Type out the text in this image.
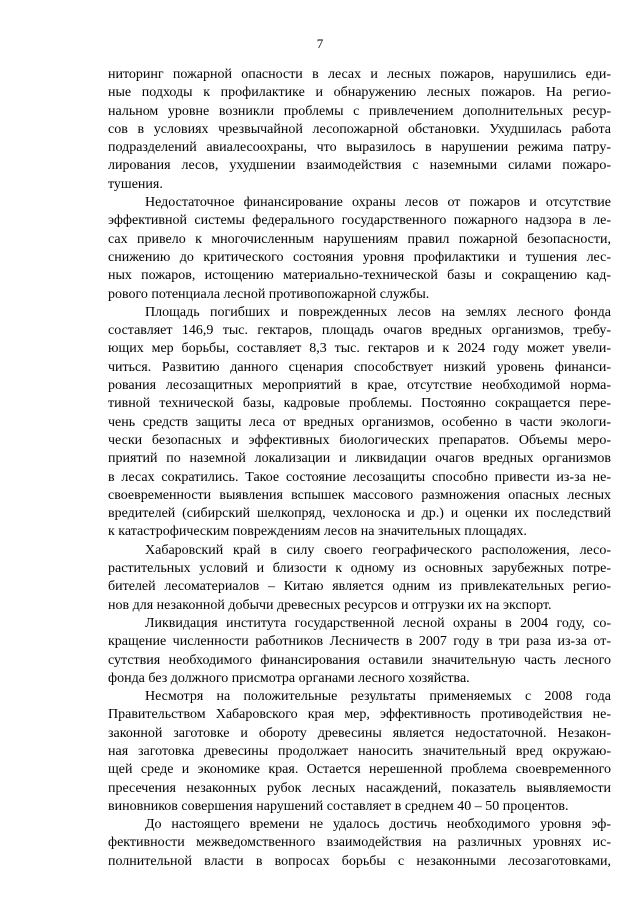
7
ниторинг пожарной опасности в лесах и лесных пожаров, нарушились еди-
ные подходы к профилактике и обнаружению лесных пожаров. На регио-
нальном уровне возникли проблемы с привлечением дополнительных ресур-
сов в условиях чрезвычайной лесопожарной обстановки. Ухудшилась работа
подразделений авиалесоохраны, что выразилось в нарушении режима патру-
лирования лесов, ухудшении взаимодействия с наземными силами пожаро-
тушения.
Недостаточное финансирование охраны лесов от пожаров и отсутствие
эффективной системы федерального государственного пожарного надзора в ле-
сах привело к многочисленным нарушениям правил пожарной безопасности,
снижению до критического состояния уровня профилактики и тушения лес-
ных пожаров, истощению материально-технической базы и сокращению кад-
рового потенциала лесной противопожарной службы.
Площадь погибших и поврежденных лесов на землях лесного фонда
составляет 146,9 тыс. гектаров, площадь очагов вредных организмов, требу-
ющих мер борьбы, составляет 8,3 тыс. гектаров и к 2024 году может увели-
читься. Развитию данного сценария способствует низкий уровень финанси-
рования лесозащитных мероприятий в крае, отсутствие необходимой норма-
тивной технической базы, кадровые проблемы. Постоянно сокращается пере-
чень средств защиты леса от вредных организмов, особенно в части экологи-
чески безопасных и эффективных биологических препаратов. Объемы меро-
приятий по наземной локализации и ликвидации очагов вредных организмов
в лесах сократились. Такое состояние лесозащиты способно привести из-за не-
своевременности выявления вспышек массового размножения опасных лесных
вредителей (сибирский шелкопряд, чехлоноска и др.) и оценки их последствий
к катастрофическим повреждениям лесов на значительных площадях.
Хабаровский край в силу своего географического расположения, лесо-
растительных условий и близости к одному из основных зарубежных потре-
бителей лесоматериалов – Китаю является одним из привлекательных регио-
нов для незаконной добычи древесных ресурсов и отгрузки их на экспорт.
Ликвидация института государственной лесной охраны в 2004 году, со-
кращение численности работников Лесничеств в 2007 году в три раза из-за от-
сутствия необходимого финансирования оставили значительную часть лесного
фонда без должного присмотра органами лесного хозяйства.
Несмотря на положительные результаты применяемых с 2008 года
Правительством Хабаровского края мер, эффективность противодействия не-
законной заготовке и обороту древесины является недостаточной. Незакон-
ная заготовка древесины продолжает наносить значительный вред окружаю-
щей среде и экономике края. Остается нерешенной проблема своевременного
пресечения незаконных рубок лесных насаждений, показатель выявляемости
виновников совершения нарушений составляет в среднем 40 – 50 процентов.
До настоящего времени не удалось достичь необходимого уровня эф-
фективности межведомственного взаимодействия на различных уровнях ис-
полнительной власти в вопросах борьбы с незаконными лесозаготовками,
